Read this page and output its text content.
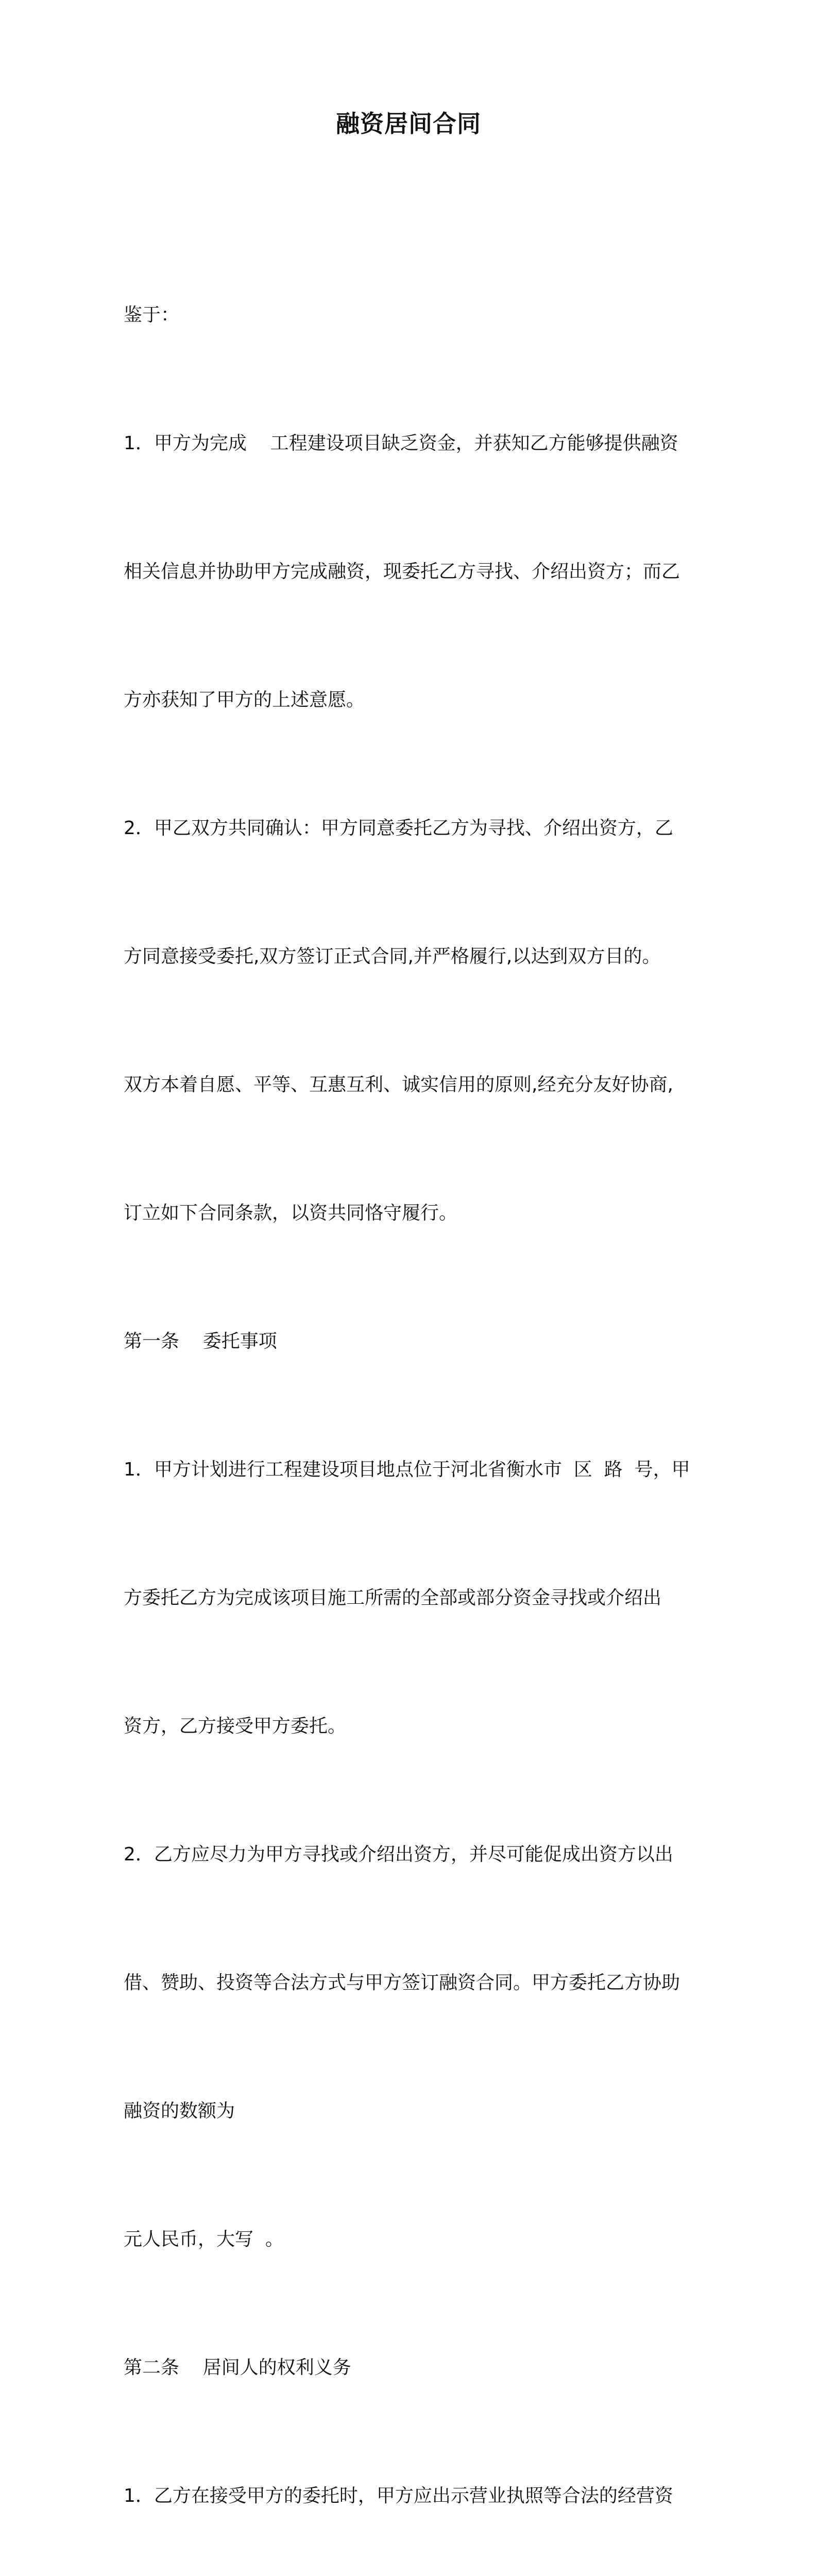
融资居间合同

鉴于：

1．甲方为完成    工程建设项目缺乏资金，并获知乙方能够提供融资

相关信息并协助甲方完成融资，现委托乙方寻找、介绍出资方；而乙

方亦获知了甲方的上述意愿。

2．甲乙双方共同确认：甲方同意委托乙方为寻找、介绍出资方，乙

方同意接受委托,双方签订正式合同,并严格履行,以达到双方目的。

双方本着自愿、平等、互惠互利、诚实信用的原则,经充分友好协商,

订立如下合同条款，以资共同恪守履行。

第一条    委托事项

1．甲方计划进行工程建设项目地点位于河北省衡水市  区  路  号，甲

方委托乙方为完成该项目施工所需的全部或部分资金寻找或介绍出

资方，乙方接受甲方委托。

2．乙方应尽力为甲方寻找或介绍出资方，并尽可能促成出资方以出

借、赞助、投资等合法方式与甲方签订融资合同。甲方委托乙方协助

融资的数额为

元人民币，大写  。

第二条    居间人的权利义务

1．乙方在接受甲方的委托时，甲方应出示营业执照等合法的经营资
